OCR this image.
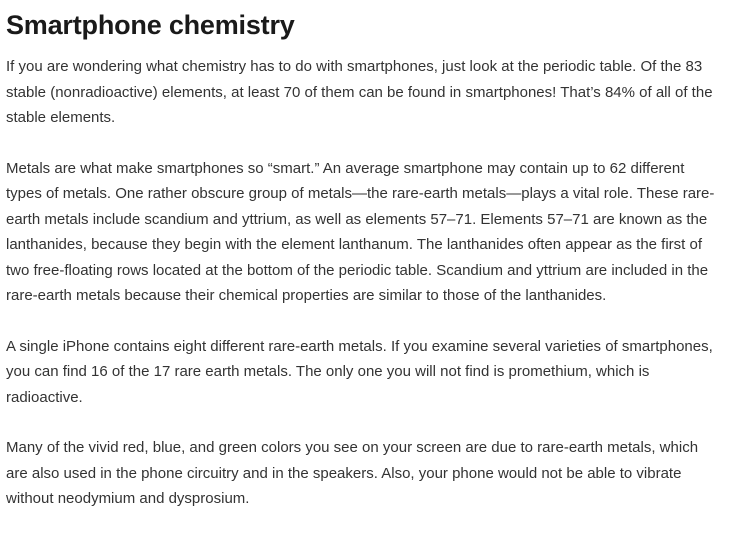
Smartphone chemistry

If you are wondering what chemistry has to do with smartphones, just look at the periodic table. Of the 83 stable (nonradioactive) elements, at least 70 of them can be found in smartphones! That’s 84% of all of the stable elements.

Metals are what make smartphones so “smart.” An average smartphone may contain up to 62 different types of metals. One rather obscure group of metals—the rare-earth metals—plays a vital role. These rare-earth metals include scandium and yttrium, as well as elements 57–71. Elements 57–71 are known as the lanthanides, because they begin with the element lanthanum. The lanthanides often appear as the first of two free-floating rows located at the bottom of the periodic table. Scandium and yttrium are included in the rare-earth metals because their chemical properties are similar to those of the lanthanides.

A single iPhone contains eight different rare-earth metals. If you examine several varieties of smartphones, you can find 16 of the 17 rare earth metals. The only one you will not find is promethium, which is radioactive.

Many of the vivid red, blue, and green colors you see on your screen are due to rare-earth metals, which are also used in the phone circuitry and in the speakers. Also, your phone would not be able to vibrate without neodymium and dysprosium.
